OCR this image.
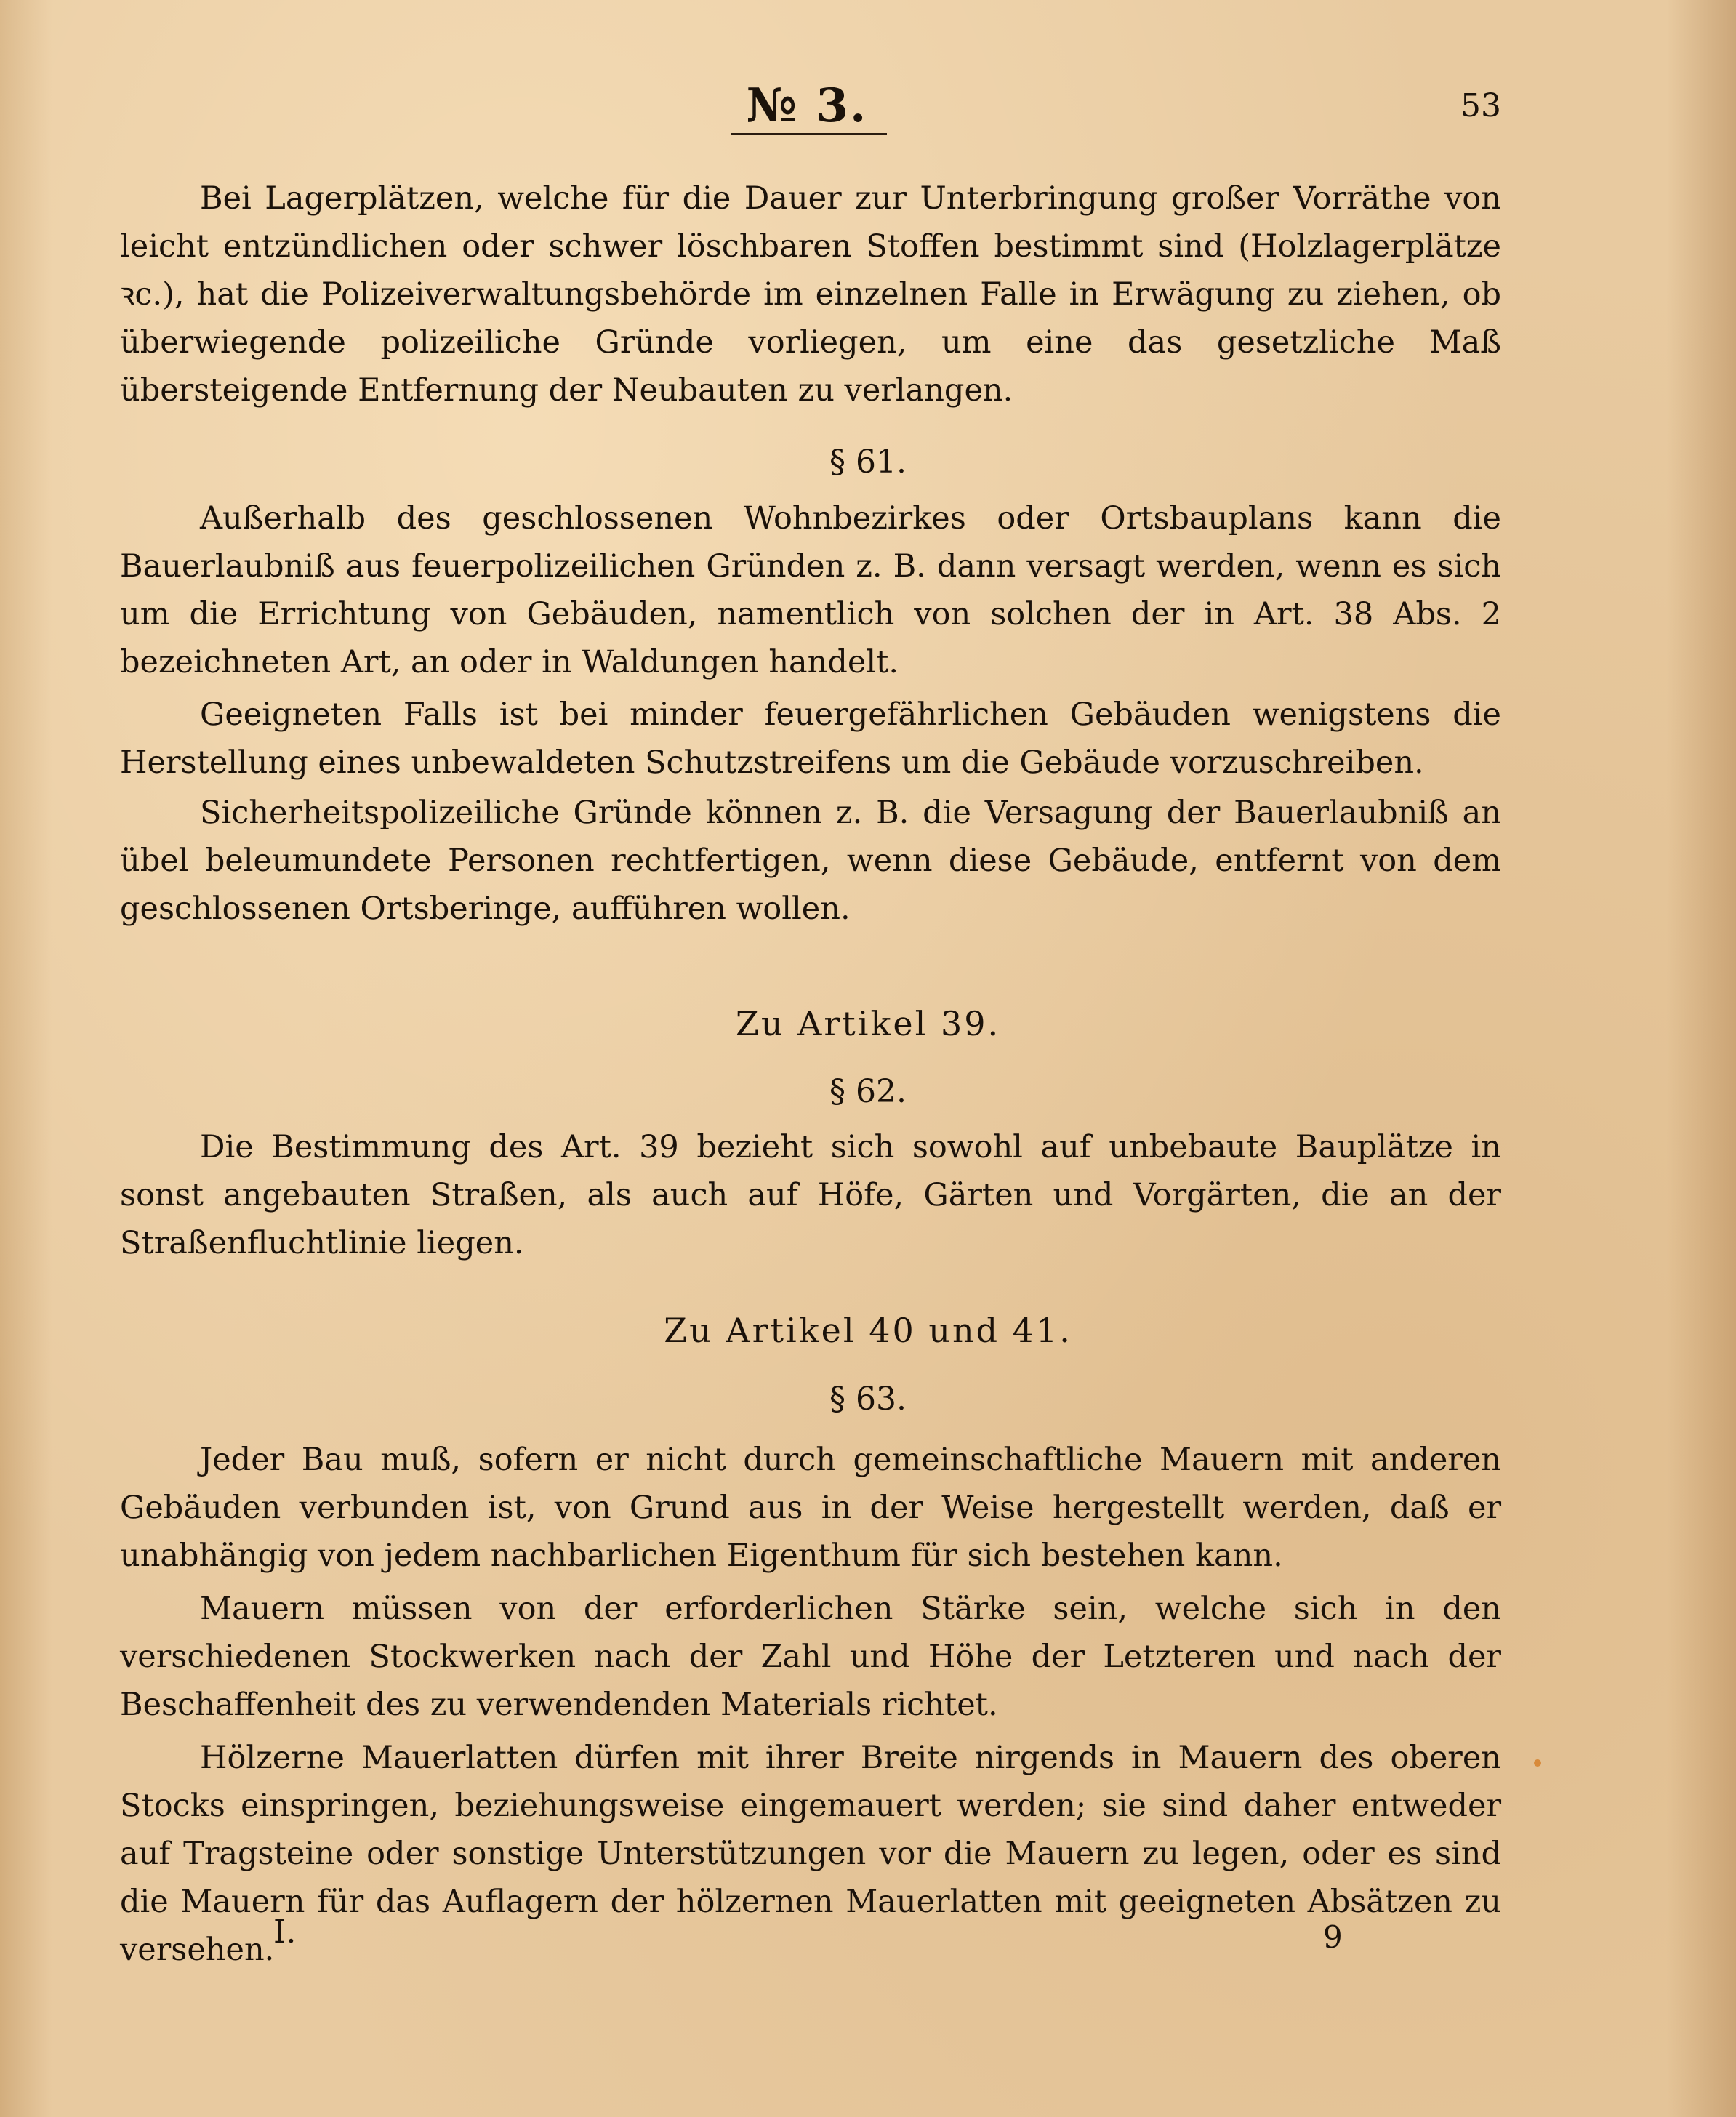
№ 3.	53
Bei Lagerplätzen, welche für die Dauer zur Unterbringung großer Vorräthe von leicht entzündlichen oder schwer löschbaren Stoffen bestimmt sind (Holzlagerplätze ꝛc.), hat die Polizeiverwaltungsbehörde im einzelnen Falle in Erwägung zu ziehen, ob überwiegende polizeiliche Gründe vorliegen, um eine das gesetzliche Maß übersteigende Entfernung der Neubauten zu verlangen.
§ 61.
Außerhalb des geschlossenen Wohnbezirkes oder Ortsbauplans kann die Bauerlaubniß aus feuerpolizeilichen Gründen z. B. dann versagt werden, wenn es sich um die Errichtung von Gebäuden, namentlich von solchen der in Art. 38 Abs. 2 bezeichneten Art, an oder in Waldungen handelt.
Geeigneten Falls ist bei minder feuergefährlichen Gebäuden wenigstens die Herstellung eines unbewaldeten Schutzstreifens um die Gebäude vorzuschreiben.
Sicherheitspolizeiliche Gründe können z. B. die Versagung der Bauerlaubniß an übel beleumundete Personen rechtfertigen, wenn diese Gebäude, entfernt von dem geschlossenen Ortsberinge, aufführen wollen.
Zu Artikel 39.
§ 62.
Die Bestimmung des Art. 39 bezieht sich sowohl auf unbebaute Bauplätze in sonst angebauten Straßen, als auch auf Höfe, Gärten und Vorgärten, die an der Straßenfluchtlinie liegen.
Zu Artikel 40 und 41.
§ 63.
Jeder Bau muß, sofern er nicht durch gemeinschaftliche Mauern mit anderen Gebäuden verbunden ist, von Grund aus in der Weise hergestellt werden, daß er unabhängig von jedem nachbarlichen Eigenthum für sich bestehen kann.
Mauern müssen von der erforderlichen Stärke sein, welche sich in den verschiedenen Stockwerken nach der Zahl und Höhe der Letzteren und nach der Beschaffenheit des zu verwendenden Materials richtet.
Hölzerne Mauerlatten dürfen mit ihrer Breite nirgends in Mauern des oberen Stocks einspringen, beziehungsweise eingemauert werden; sie sind daher entweder auf Tragsteine oder sonstige Unterstützungen vor die Mauern zu legen, oder es sind die Mauern für das Auflagern der hölzernen Mauerlatten mit geeigneten Absätzen zu versehen.
I.	9
